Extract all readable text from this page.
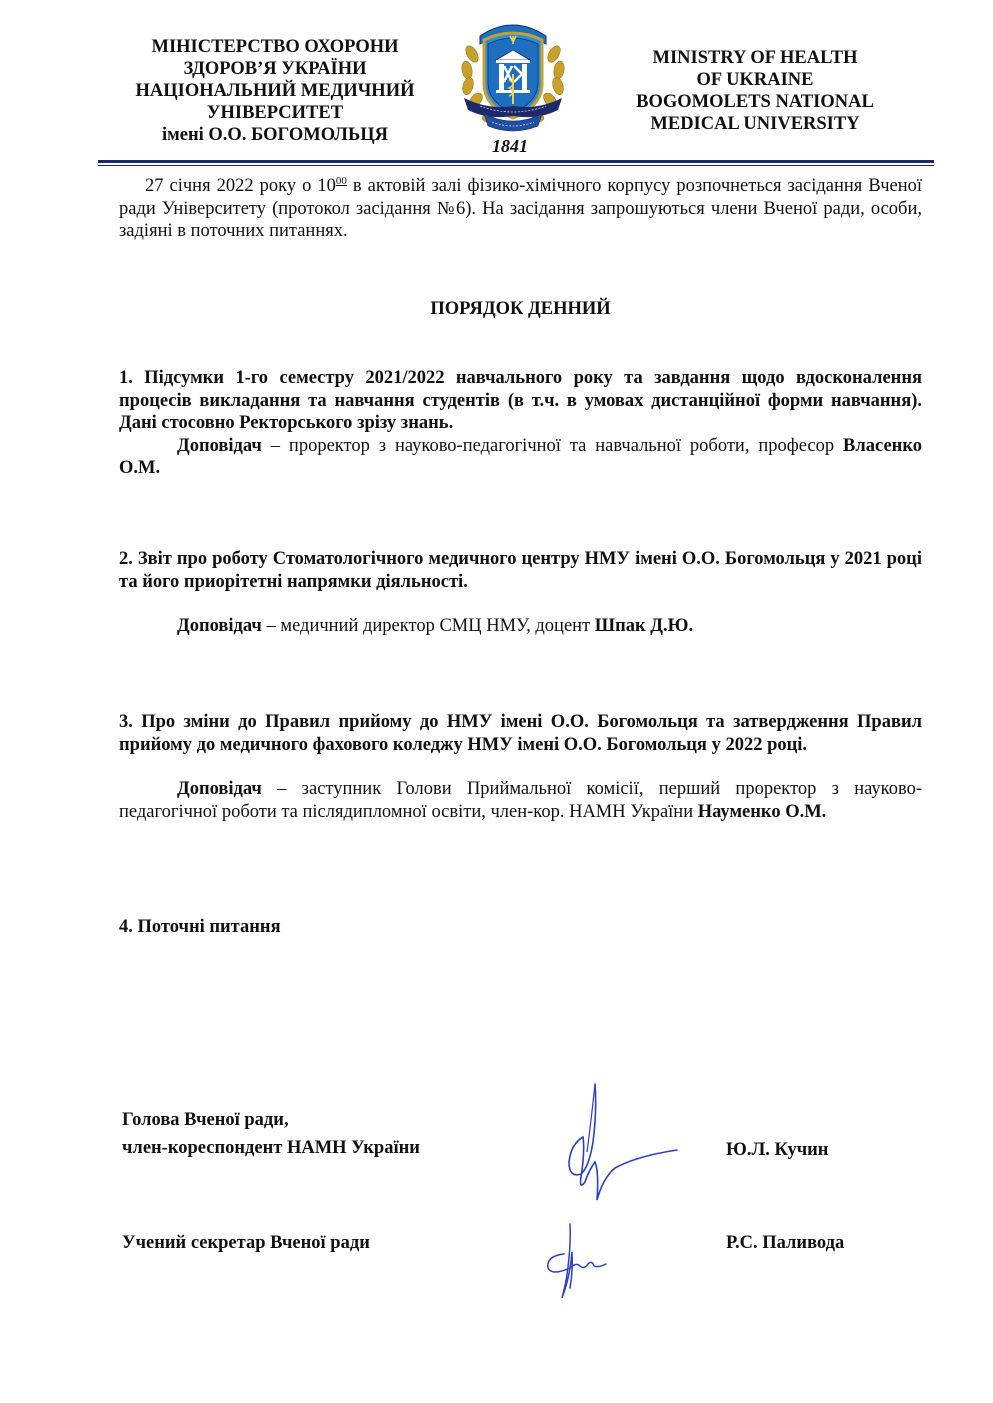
МІНІСТЕРСТВО ОХОРОНИ
ЗДОРОВ’Я УКРАЇНИ
НАЦІОНАЛЬНИЙ МЕДИЧНИЙ
УНІВЕРСИТЕТ
імені О.О. БОГОМОЛЬЦЯ
1841
MINISTRY OF HEALTH
OF UKRAINE
BOGOMOLETS NATIONAL
MEDICAL UNIVERSITY
27 січня 2022 року о $10^{00}$ в актовій залі фізико-хімічного корпусу розпочнеться засідання Вченої ради Університету (протокол засідання №6). На засідання запрошуються члени Вченої ради, особи, задіяні в поточних питаннях.
ПОРЯДОК ДЕННИЙ
1. Підсумки 1-го семестру 2021/2022 навчального року та завдання щодо вдосконалення процесів викладання та навчання студентів (в т.ч. в умовах дистанційної форми навчання). Дані стосовно Ректорського зрізу знань.
Доповідач – проректор з науково-педагогічної та навчальної роботи, професор Власенко О.М.
2. Звіт про роботу Стоматологічного медичного центру НМУ імені О.О. Богомольця у 2021 році та його приорітетні напрямки діяльності.
Доповідач – медичний директор СМЦ НМУ, доцент Шпак Д.Ю.
3. Про зміни до Правил прийому до НМУ імені О.О. Богомольця та затвердження Правил прийому до медичного фахового коледжу НМУ імені О.О. Богомольця у 2022 році.
Доповідач – заступник Голови Приймальної комісії, перший проректор з науково-педагогічної роботи та післядипломної освіти, член-кор. НАМН України Науменко О.М.
4. Поточні питання
Голова Вченої ради,
член-кореспондент НАМН України	Ю.Л. Кучин
Учений секретар Вченої ради	Р.С. Паливода
